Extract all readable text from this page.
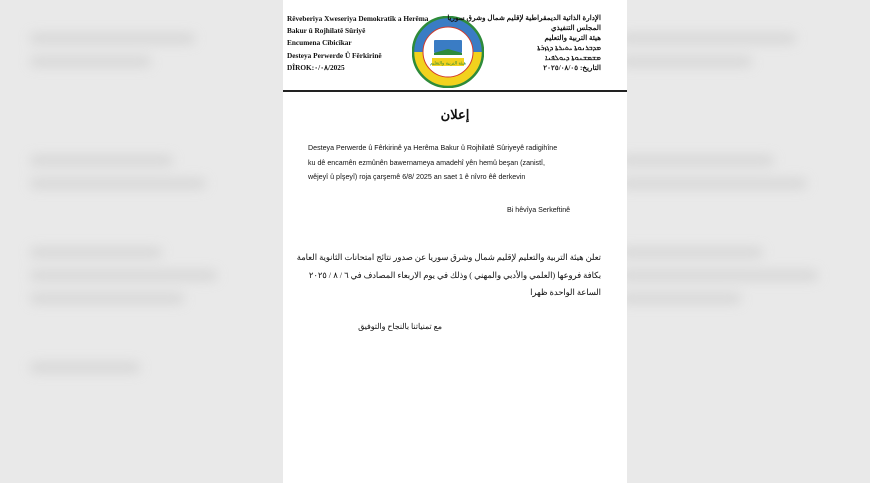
Rêveberiya Xweseriya Demokratîk a Herêma
Bakur û Rojhilatê Sûriyê
Encumena Cîbicîkar
Desteya Perwerde Û Fêrkirinê
DÎROK:٠/٠٨/2025	هيئة التربية والتعليم
الإدارة الذاتية الديمقراطية لإقليم شمال وشرق سوريا
المجلس التنفيذي
هيئة التربية والتعليم
ܡܕܒܪܢܘܬܐ ܝܬܝܪܬܐ ܕܓܙܪܬܐ
ܡܫܡܫܢܘܬܐ ܕܝܘܠܦܢܐ
التاريخ: ٢٠٢٥/٠٨/٠٥
إعلان
Desteya Perwerde û Fêrkirinê ya Herêma Bakur û Rojhilatê Sûriyeyê radigihîne
ku dê encamên ezmûnên bawernameya amadehî yên hemû beşan (zanistî,
wêjeyî û pîşeyî) roja çarşemê 6/8/ 2025 an saet 1 ê nîvro êê derkevin
Bi hêvîya Serkeftinê
تعلن هيئة التربية والتعليم لإقليم شمال وشرق سوريا عن صدور نتائج امتحانات الثانوية العامة
بكافة فروعها (العلمي والأدبي والمهني ) وذلك في يوم الاربعاء المصادف في ٦ / ٨ / ٢٠٢٥
الساعة الواحدة ظهرا
مع تمنياتنا بالنجاح والتوفيق
